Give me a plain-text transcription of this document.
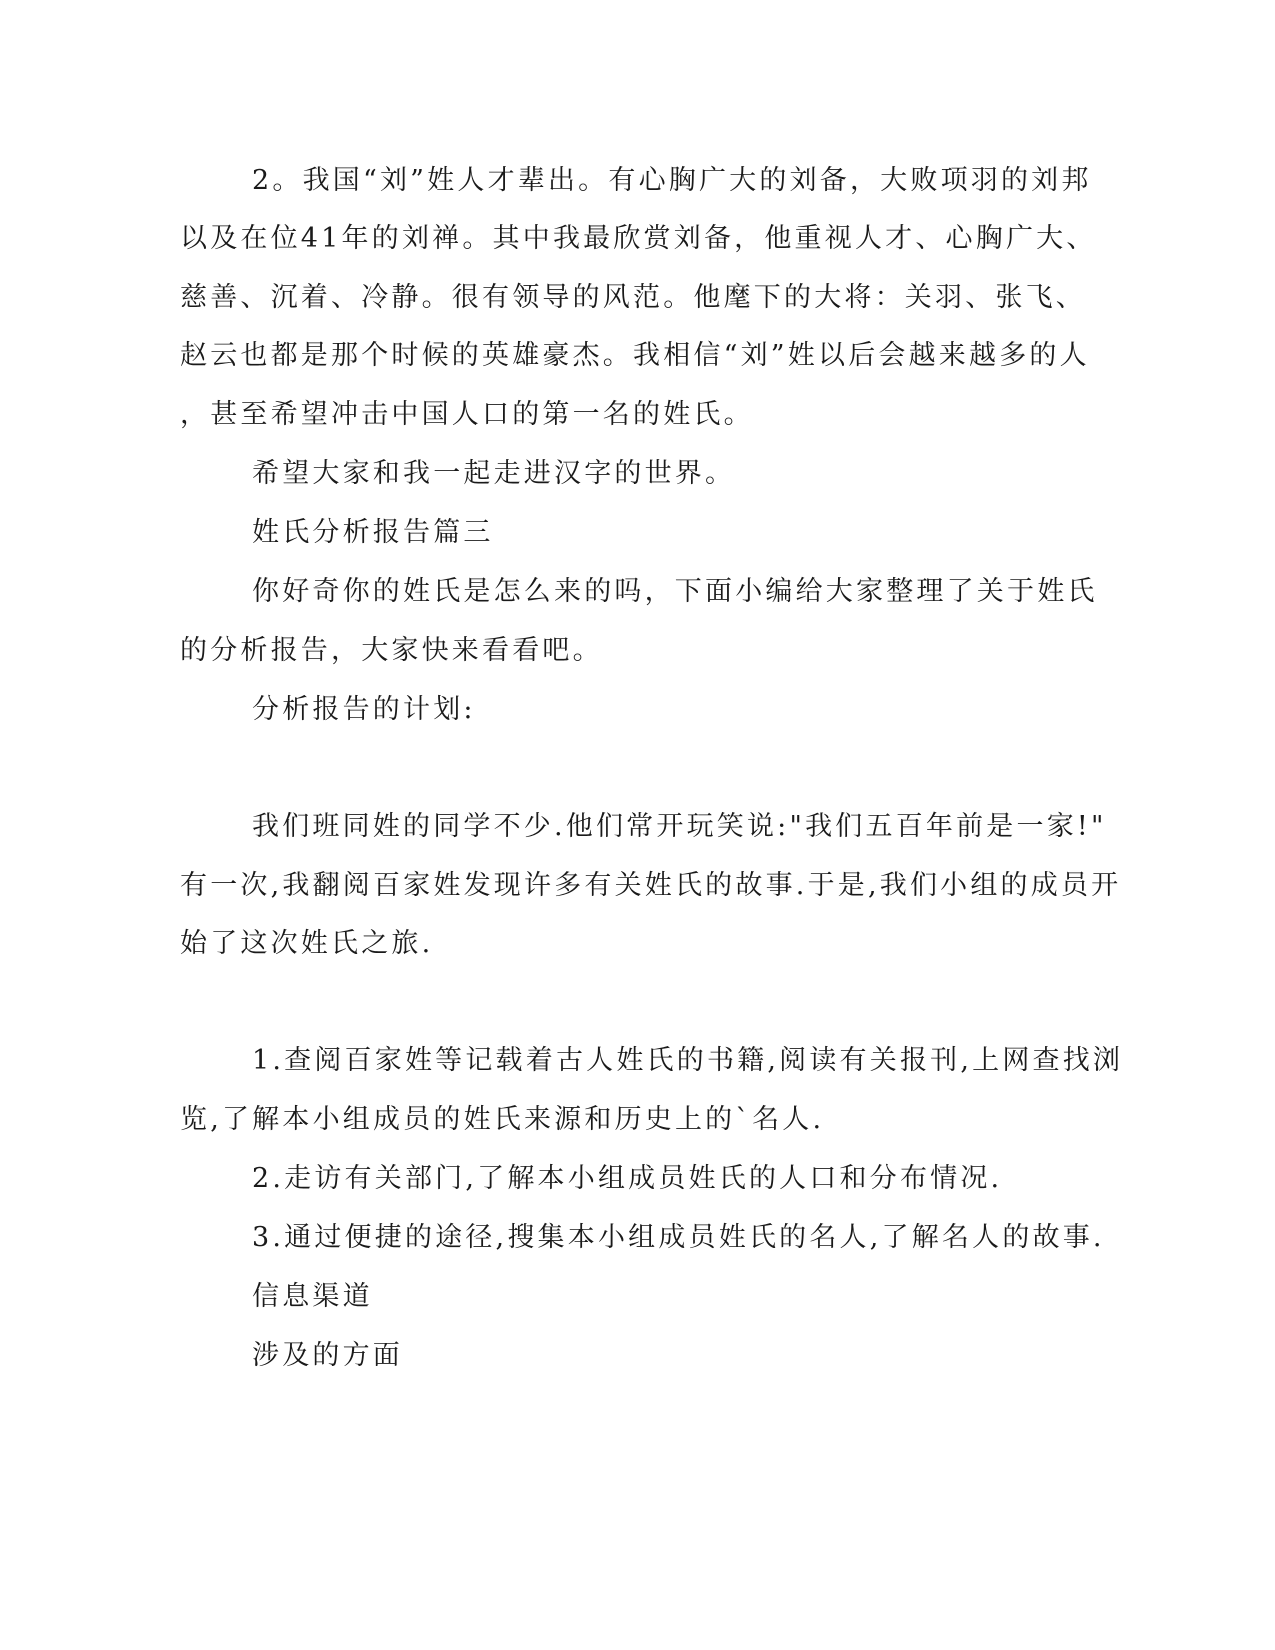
2。我国“刘”姓人才辈出。有心胸广大的刘备，大败项羽的刘邦
以及在位41年的刘禅。其中我最欣赏刘备，他重视人才、心胸广大、
慈善、沉着、冷静。很有领导的风范。他麾下的大将：关羽、张飞、
赵云也都是那个时候的英雄豪杰。我相信“刘”姓以后会越来越多的人
，甚至希望冲击中国人口的第一名的姓氏。
希望大家和我一起走进汉字的世界。
姓氏分析报告篇三
你好奇你的姓氏是怎么来的吗，下面小编给大家整理了关于姓氏
的分析报告，大家快来看看吧。
分析报告的计划:
我们班同姓的同学不少.他们常开玩笑说:"我们五百年前是一家!"
有一次,我翻阅百家姓发现许多有关姓氏的故事.于是,我们小组的成员开
始了这次姓氏之旅.
1.查阅百家姓等记载着古人姓氏的书籍,阅读有关报刊,上网查找浏
览,了解本小组成员的姓氏来源和历史上的`名人.
2.走访有关部门,了解本小组成员姓氏的人口和分布情况.
3.通过便捷的途径,搜集本小组成员姓氏的名人,了解名人的故事.
信息渠道
涉及的方面
